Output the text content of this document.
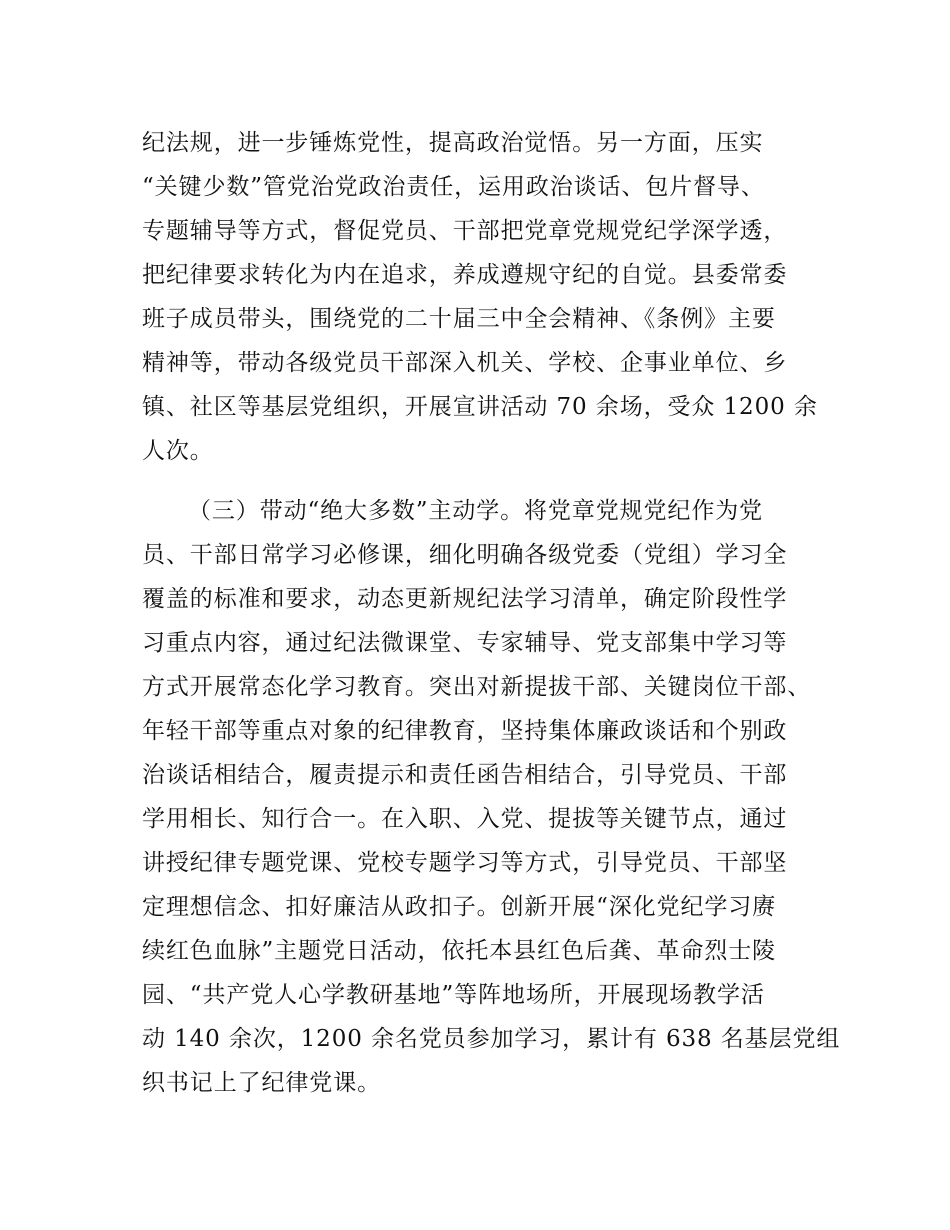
纪法规，进一步锤炼党性，提高政治觉悟。另一方面，压实
“关键少数”管党治党政治责任，运用政治谈话、包片督导、
专题辅导等方式，督促党员、干部把党章党规党纪学深学透，
把纪律要求转化为内在追求，养成遵规守纪的自觉。县委常委
班子成员带头，围绕党的二十届三中全会精神、《条例》主要
精神等，带动各级党员干部深入机关、学校、企事业单位、乡
镇、社区等基层党组织，开展宣讲活动 70 余场，受众 1200 余
人次。
（三）带动“绝大多数”主动学。将党章党规党纪作为党
员、干部日常学习必修课，细化明确各级党委（党组）学习全
覆盖的标准和要求，动态更新规纪法学习清单，确定阶段性学
习重点内容，通过纪法微课堂、专家辅导、党支部集中学习等
方式开展常态化学习教育。突出对新提拔干部、关键岗位干部、
年轻干部等重点对象的纪律教育，坚持集体廉政谈话和个别政
治谈话相结合，履责提示和责任函告相结合，引导党员、干部
学用相长、知行合一。在入职、入党、提拔等关键节点，通过
讲授纪律专题党课、党校专题学习等方式，引导党员、干部坚
定理想信念、扣好廉洁从政扣子。创新开展“深化党纪学习赓
续红色血脉”主题党日活动，依托本县红色后龚、革命烈士陵
园、“共产党人心学教研基地”等阵地场所，开展现场教学活
动 140 余次，1200 余名党员参加学习，累计有 638 名基层党组
织书记上了纪律党课。
